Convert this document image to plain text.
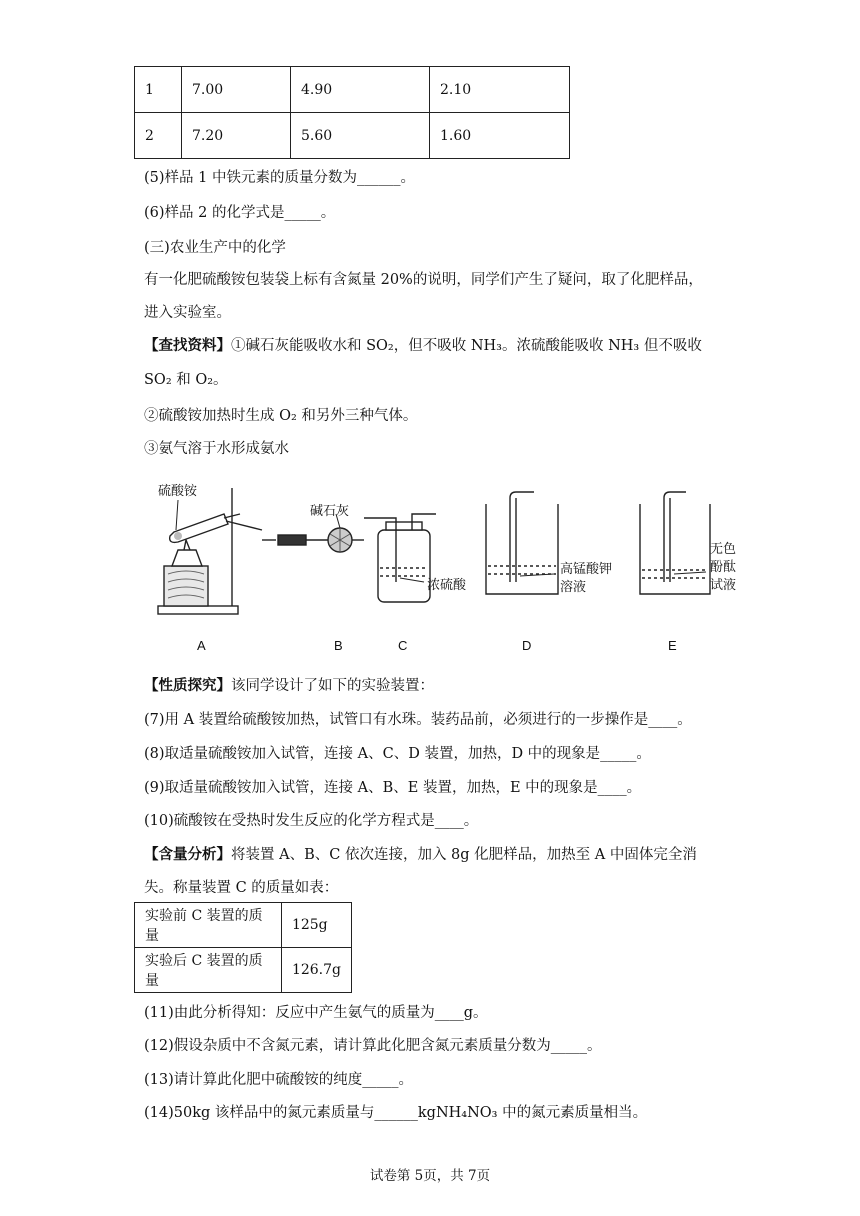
1	7.00	4.90	2.10
2	7.20	5.60	1.60
(5)样品 1 中铁元素的质量分数为______。
(6)样品 2 的化学式是_____。
(三)农业生产中的化学
有一化肥硫酸铵包装袋上标有含氮量 20%的说明，同学们产生了疑问，取了化肥样品，
进入实验室。
【查找资料】①碱石灰能吸收水和 SO₂，但不吸收 NH₃。浓硫酸能吸收 NH₃ 但不吸收
SO₂ 和 O₂。
②硫酸铵加热时生成 O₂ 和另外三种气体。
③氨气溶于水形成氨水
硫酸铵
碱石灰
浓硫酸
高锰酸钾
溶液
无色
酚酞
试液
A	B	C	D	E
【性质探究】该同学设计了如下的实验装置：
(7)用 A 装置给硫酸铵加热，试管口有水珠。装药品前，必须进行的一步操作是____。
(8)取适量硫酸铵加入试管，连接 A、C、D 装置，加热，D 中的现象是_____。
(9)取适量硫酸铵加入试管，连接 A、B、E 装置，加热，E 中的现象是____。
(10)硫酸铵在受热时发生反应的化学方程式是____。
【含量分析】将装置 A、B、C 依次连接，加入 8g 化肥样品，加热至 A 中固体完全消
失。称量装置 C 的质量如表：
实验前 C 装置的质量	125g
实验后 C 装置的质量	126.7g
(11)由此分析得知：反应中产生氨气的质量为____g。
(12)假设杂质中不含氮元素，请计算此化肥含氮元素质量分数为_____。
(13)请计算此化肥中硫酸铵的纯度_____。
(14)50kg 该样品中的氮元素质量与______kgNH₄NO₃ 中的氮元素质量相当。
试卷第 5页，共 7页
